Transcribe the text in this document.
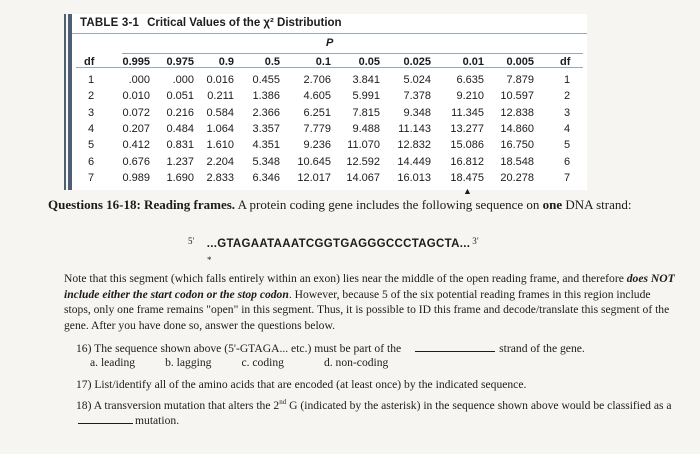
TABLE 3-1 Critical Values of the χ² Distribution
P
df	0.995 0.975 0.9	0.5	0.1	0.05 0.025	0.01 0.005 df
1	.000 .000 0.016 0.455 2.706 3.841 5.024 6.635 7.879	1
2	0.010 0.051 0.211 1.386 4.605 5.991 7.378 9.210 10.597	2
3	0.072 0.216 0.584 2.366 6.251 7.815 9.348 11.345 12.838	3
4	0.207 0.484 1.064 3.357 7.779 9.488 11.143 13.277 14.860	4
5	0.412 0.831 1.610 4.351 9.236 11.070 12.832 15.086 16.750	5
6	0.676 1.237 2.204 5.348 10.645 12.592 14.449 16.812 18.548	6
7	0.989 1.690 2.833 6.346 12.017 14.067 16.013 18.475 20.278	7
▲
Questions 16-18: Reading frames. A protein coding gene includes the following sequence on one DNA strand:
$^{5'}$ ...GTAGAATAAATCGGTGAGGGCCCTAGCTA... $^{3'}$
*
Note that this segment (which falls entirely within an exon) lies near the middle of the open reading frame, and therefore does NOT include either the start codon or the stop codon. However, because 5 of the six potential reading frames in this region include stops, only one frame remains "open" in this segment. Thus, it is possible to ID this frame and decode/translate this segment of the gene. After you have done so, answer the questions below.
16) The sequence shown above (5'-GTAGA... etc.) must be part of the	strand of the gene.
a. leading	b. lagging	c. coding	d. non-coding
17) List/identify all of the amino acids that are encoded (at least once) by the indicated sequence.
18) A transversion mutation that alters the 2nd G (indicated by the asterisk) in the sequence shown above would be classified as amutation.
